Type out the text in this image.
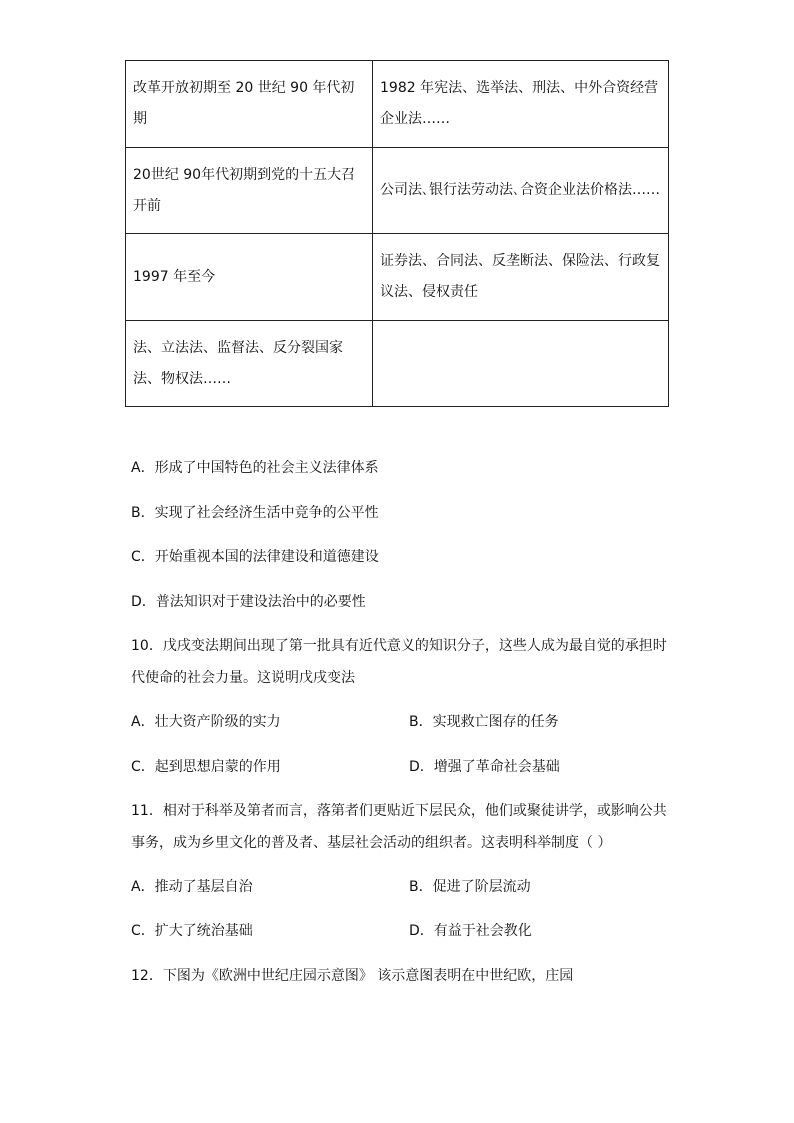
改革开放初期至 20 世纪 90 年代初期	1982 年宪法、选举法、刑法、中外合资经营企业法……
20世纪 90年代初期到党的十五大召开前	公司法､银行法劳动法､合资企业法价格法……
1997 年至今	证券法、合同法、反垄断法、保险法、行政复议法、侵权责任
法、立法法、监督法、反分裂国家法、物权法……	
A．形成了中国特色的社会主义法律体系
B．实现了社会经济生活中竞争的公平性
C．开始重视本国的法律建设和道德建设
D．普法知识对于建设法治中的必要性
10．戊戌变法期间出现了第一批具有近代意义的知识分子，这些人成为最自觉的承担时
代使命的社会力量。这说明戊戌变法
A．壮大资产阶级的实力	B．实现救亡图存的任务
C．起到思想启蒙的作用	D．增强了革命社会基础
11．相对于科举及第者而言，落第者们更贴近下层民众，他们或聚徒讲学，或影响公共
事务，成为乡里文化的普及者、基层社会活动的组织者。这表明科举制度（ ）
A．推动了基层自治	B．促进了阶层流动
C．扩大了统治基础	D．有益于社会教化
12．下图为《欧洲中世纪庄园示意图》 该示意图表明在中世纪欧，庄园
